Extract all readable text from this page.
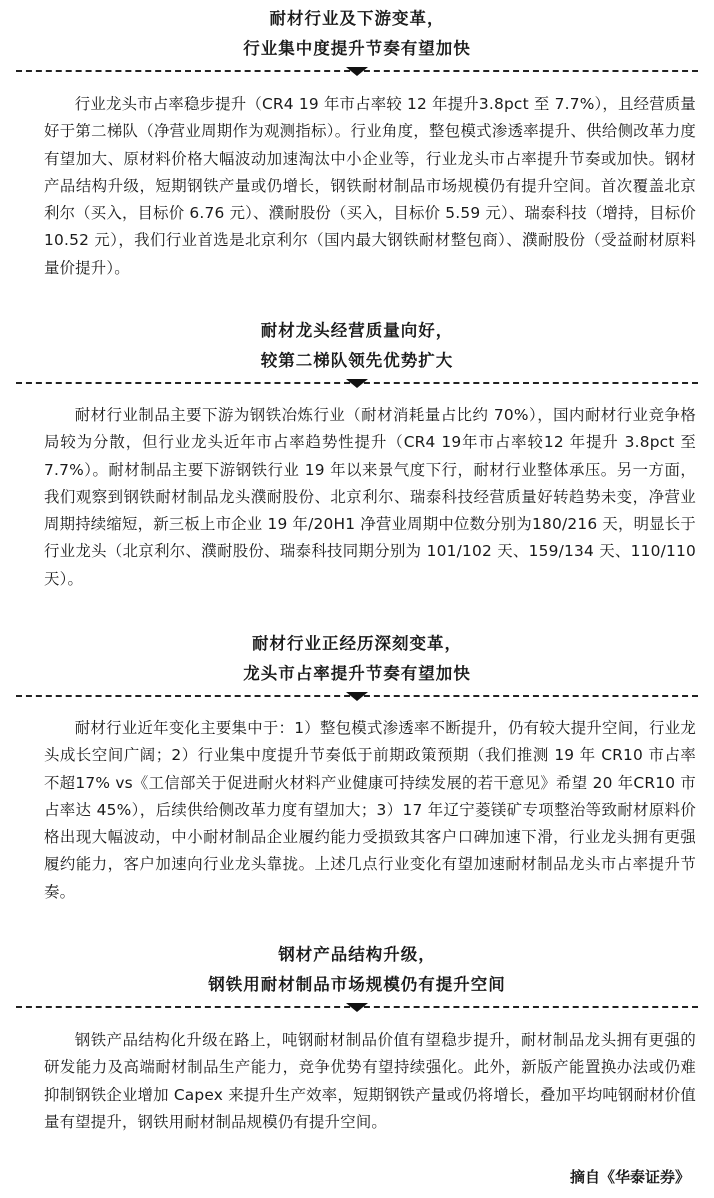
耐材行业及下游变革，
行业集中度提升节奏有望加快
行业龙头市占率稳步提升（CR4 19 年市占率较 12 年提升3.8pct 至 7.7%），且经营质量好于第二梯队（净营业周期作为观测指标）。行业角度，整包模式渗透率提升、供给侧改革力度有望加大、原材料价格大幅波动加速淘汰中小企业等，行业龙头市占率提升节奏或加快。钢材产品结构升级，短期钢铁产量或仍增长，钢铁耐材制品市场规模仍有提升空间。首次覆盖北京利尔（买入，目标价 6.76 元）、濮耐股份（买入，目标价 5.59 元）、瑞泰科技（增持，目标价 10.52 元），我们行业首选是北京利尔（国内最大钢铁耐材整包商）、濮耐股份（受益耐材原料量价提升）。
耐材龙头经营质量向好，
较第二梯队领先优势扩大
耐材行业制品主要下游为钢铁冶炼行业（耐材消耗量占比约 70%），国内耐材行业竞争格局较为分散，但行业龙头近年市占率趋势性提升（CR4 19年市占率较12 年提升 3.8pct 至7.7%）。耐材制品主要下游钢铁行业 19 年以来景气度下行，耐材行业整体承压。另一方面，我们观察到钢铁耐材制品龙头濮耐股份、北京利尔、瑞泰科技经营质量好转趋势未变，净营业周期持续缩短，新三板上市企业 19 年/20H1 净营业周期中位数分别为180/216 天，明显长于行业龙头（北京利尔、濮耐股份、瑞泰科技同期分别为 101/102 天、159/134 天、110/110天）。
耐材行业正经历深刻变革，
龙头市占率提升节奏有望加快
耐材行业近年变化主要集中于：1）整包模式渗透率不断提升，仍有较大提升空间，行业龙头成长空间广阔；2）行业集中度提升节奏低于前期政策预期（我们推测 19 年 CR10 市占率不超17% vs《工信部关于促进耐火材料产业健康可持续发展的若干意见》希望 20 年CR10 市占率达 45%），后续供给侧改革力度有望加大；3）17 年辽宁菱镁矿专项整治等致耐材原料价格出现大幅波动，中小耐材制品企业履约能力受损致其客户口碑加速下滑，行业龙头拥有更强履约能力，客户加速向行业龙头靠拢。上述几点行业变化有望加速耐材制品龙头市占率提升节奏。
钢材产品结构升级，
钢铁用耐材制品市场规模仍有提升空间
钢铁产品结构化升级在路上，吨钢耐材制品价值有望稳步提升，耐材制品龙头拥有更强的研发能力及高端耐材制品生产能力，竞争优势有望持续强化。此外，新版产能置换办法或仍难抑制钢铁企业增加 Capex 来提升生产效率，短期钢铁产量或仍将增长，叠加平均吨钢耐材价值量有望提升，钢铁用耐材制品规模仍有提升空间。
摘自《华泰证券》
